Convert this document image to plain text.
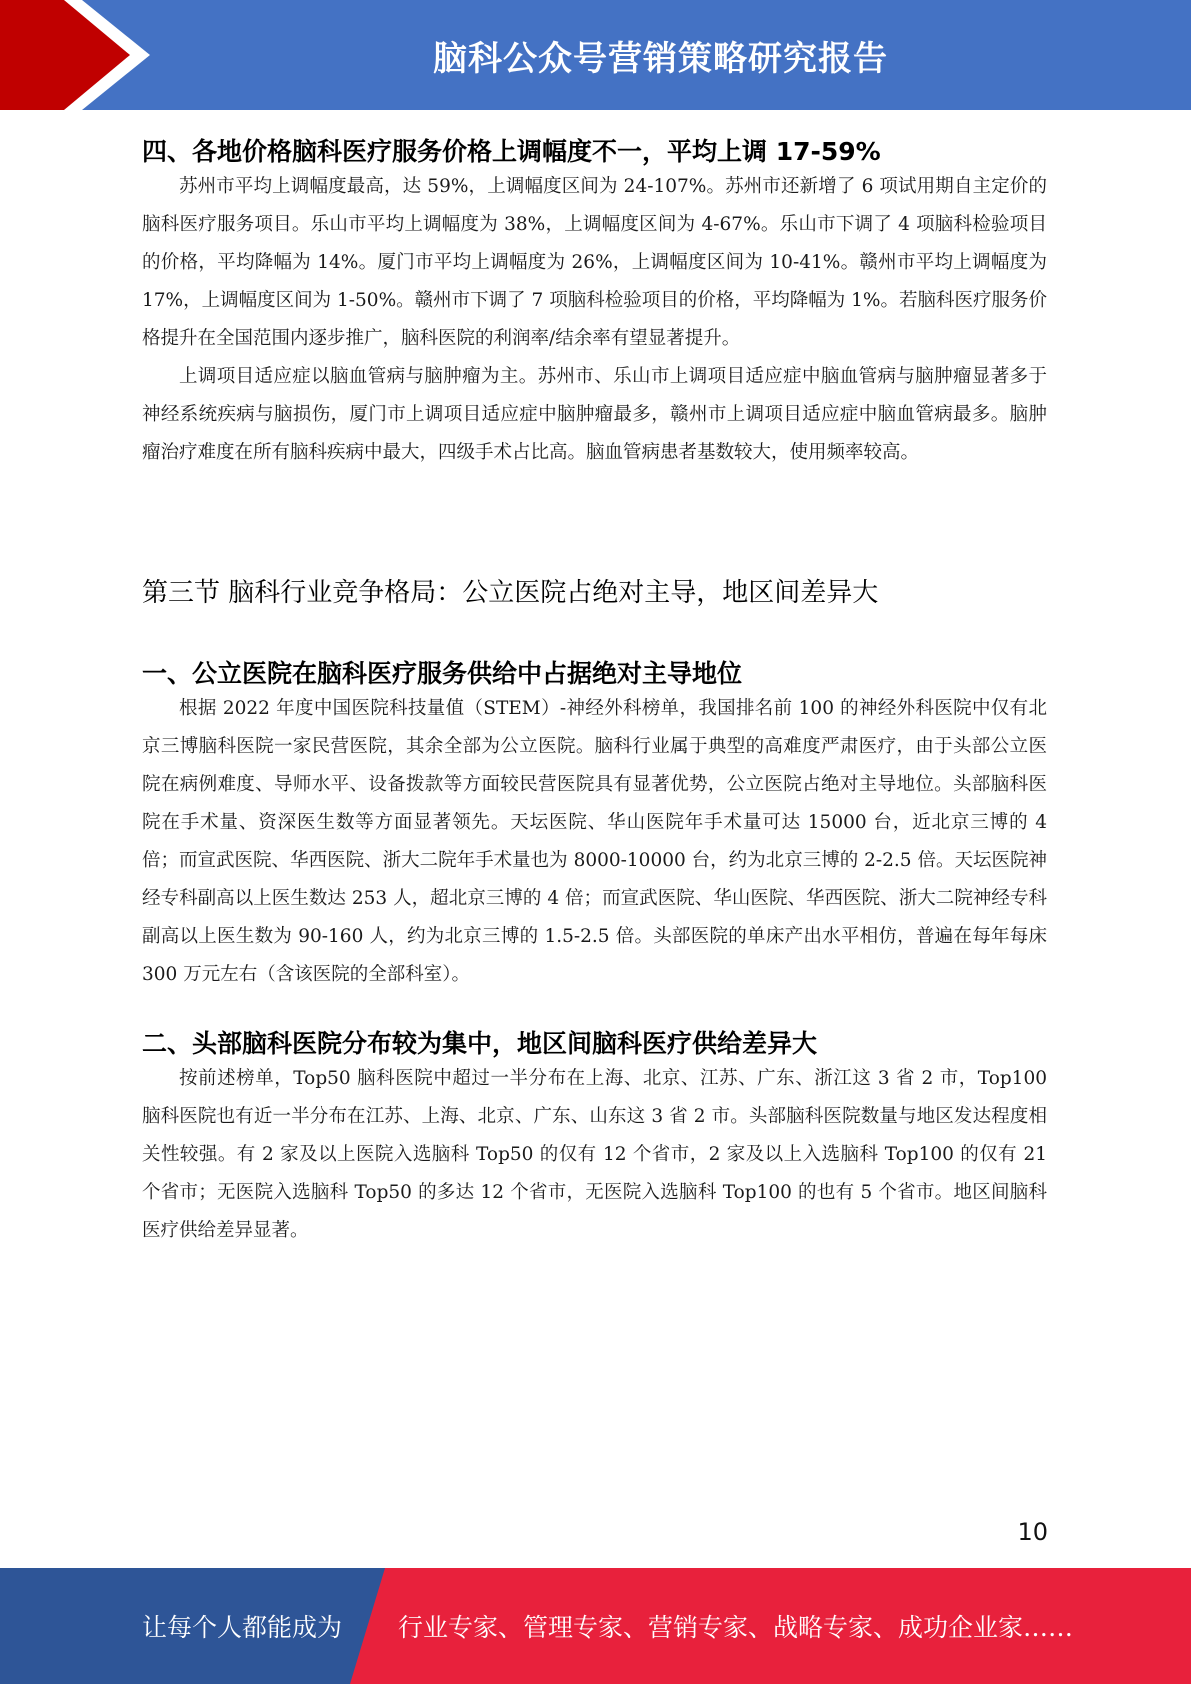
脑科公众号营销策略研究报告
四、各地价格脑科医疗服务价格上调幅度不一，平均上调 17-59%

苏州市平均上调幅度最高，达 59%，上调幅度区间为 24-107%。苏州市还新增了 6 项试用期自主定价的脑科医疗服务项目。乐山市平均上调幅度为 38%，上调幅度区间为 4-67%。乐山市下调了 4 项脑科检验项目的价格，平均降幅为 14%。厦门市平均上调幅度为 26%，上调幅度区间为 10-41%。赣州市平均上调幅度为 17%，上调幅度区间为 1-50%。赣州市下调了 7 项脑科检验项目的价格，平均降幅为 1%。若脑科医疗服务价格提升在全国范围内逐步推广，脑科医院的利润率/结余率有望显著提升。

上调项目适应症以脑血管病与脑肿瘤为主。苏州市、乐山市上调项目适应症中脑血管病与脑肿瘤显著多于神经系统疾病与脑损伤，厦门市上调项目适应症中脑肿瘤最多，赣州市上调项目适应症中脑血管病最多。脑肿瘤治疗难度在所有脑科疾病中最大，四级手术占比高。脑血管病患者基数较大，使用频率较高。

第三节 脑科行业竞争格局：公立医院占绝对主导，地区间差异大
一、公立医院在脑科医疗服务供给中占据绝对主导地位

根据 2022 年度中国医院科技量值（STEM）-神经外科榜单，我国排名前 100 的神经外科医院中仅有北京三博脑科医院一家民营医院，其余全部为公立医院。脑科行业属于典型的高难度严肃医疗，由于头部公立医院在病例难度、导师水平、设备拨款等方面较民营医院具有显著优势，公立医院占绝对主导地位。头部脑科医院在手术量、资深医生数等方面显著领先。天坛医院、华山医院年手术量可达 15000 台，近北京三博的 4 倍；而宣武医院、华西医院、浙大二院年手术量也为 8000-10000 台，约为北京三博的 2-2.5 倍。天坛医院神经专科副高以上医生数达 253 人，超北京三博的 4 倍；而宣武医院、华山医院、华西医院、浙大二院神经专科副高以上医生数为 90-160 人，约为北京三博的 1.5-2.5 倍。头部医院的单床产出水平相仿，普遍在每年每床 300 万元左右（含该医院的全部科室）。

二、头部脑科医院分布较为集中，地区间脑科医疗供给差异大

按前述榜单，Top50 脑科医院中超过一半分布在上海、北京、江苏、广东、浙江这 3 省 2 市，Top100 脑科医院也有近一半分布在江苏、上海、北京、广东、山东这 3 省 2 市。头部脑科医院数量与地区发达程度相关性较强。有 2 家及以上医院入选脑科 Top50 的仅有 12 个省市，2 家及以上入选脑科 Top100 的仅有 21 个省市；无医院入选脑科 Top50 的多达 12 个省市，无医院入选脑科 Top100 的也有 5 个省市。地区间脑科医疗供给差异显著。

10
让每个人都能成为 行业专家、管理专家、营销专家、战略专家、成功企业家……
